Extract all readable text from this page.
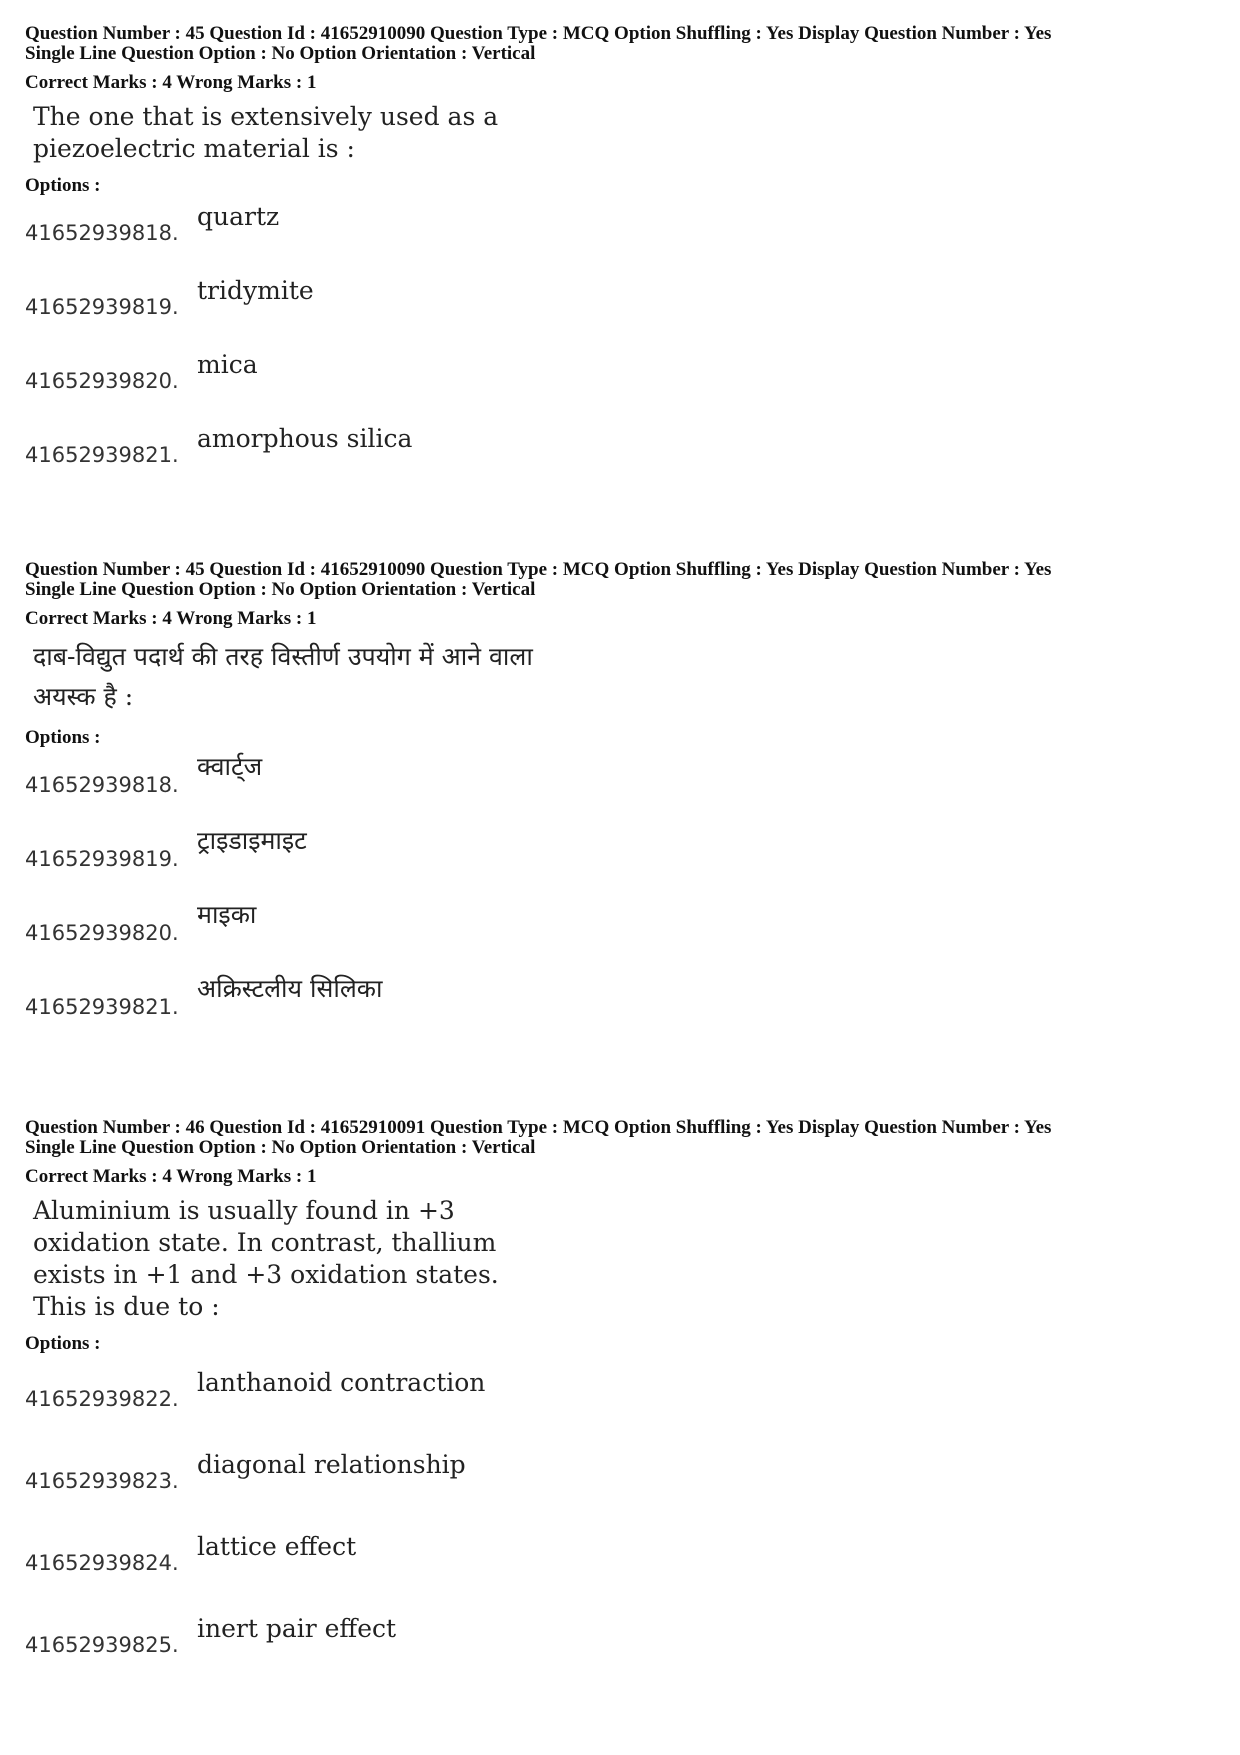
Question Number : 45 Question Id : 41652910090 Question Type : MCQ Option Shuffling : Yes Display Question Number : Yes
Single Line Question Option : No Option Orientation : Vertical
Correct Marks : 4 Wrong Marks : 1
The one that is extensively used as a piezoelectric material is :
Options :
41652939818.
quartz
41652939819.
tridymite
41652939820.
mica
41652939821.
amorphous silica
Question Number : 45 Question Id : 41652910090 Question Type : MCQ Option Shuffling : Yes Display Question Number : Yes
Single Line Question Option : No Option Orientation : Vertical
Correct Marks : 4 Wrong Marks : 1
दाब-विद्युत पदार्थ की तरह विस्तीर्ण उपयोग में आने वाला अयस्क है :
Options :
41652939818.
क्वार्ट्ज
41652939819.
ट्राइडाइमाइट
41652939820.
माइका
41652939821.
अक्रिस्टलीय सिलिका
Question Number : 46 Question Id : 41652910091 Question Type : MCQ Option Shuffling : Yes Display Question Number : Yes
Single Line Question Option : No Option Orientation : Vertical
Correct Marks : 4 Wrong Marks : 1
Aluminium is usually found in +3 oxidation state. In contrast, thallium exists in +1 and +3 oxidation states. This is due to :
Options :
41652939822.
lanthanoid contraction
41652939823.
diagonal relationship
41652939824.
lattice effect
41652939825.
inert pair effect
